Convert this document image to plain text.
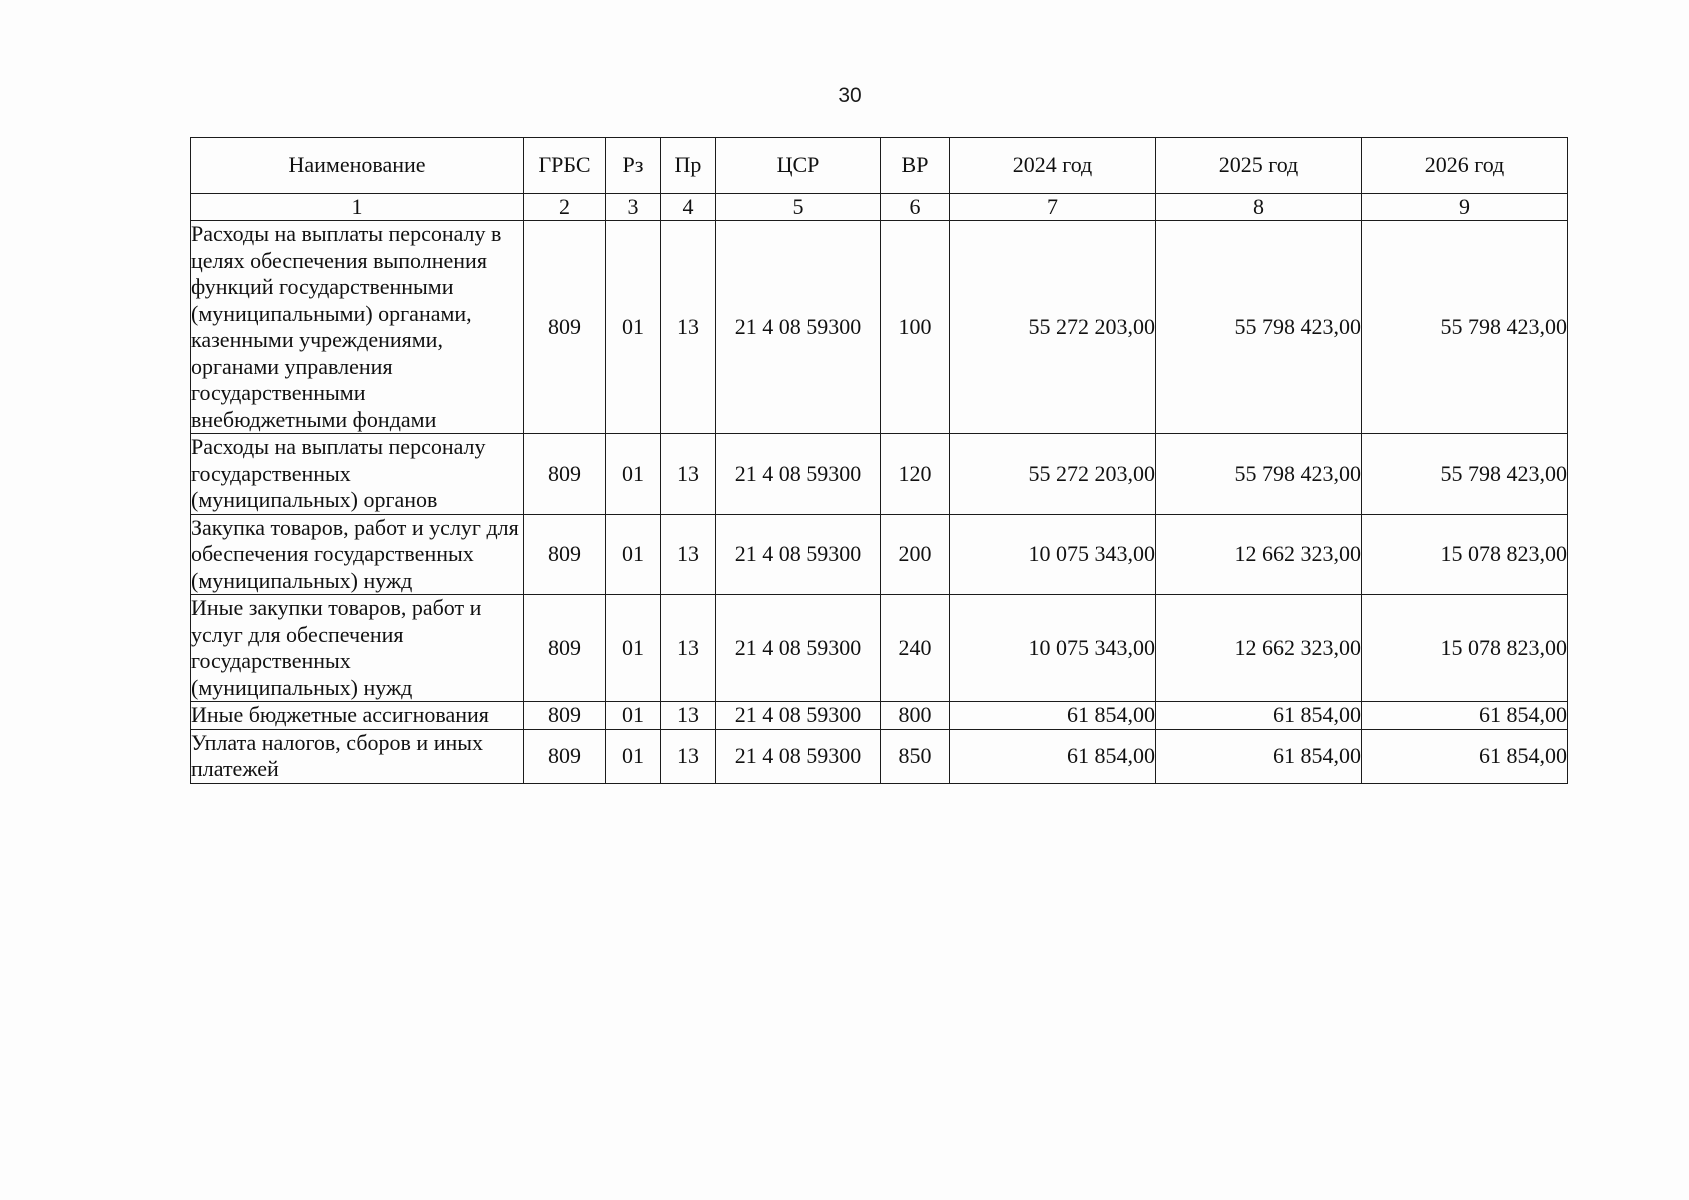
30
Наименование	ГРБС	Рз	Пр	ЦСР	ВР	2024 год	2025 год	2026 год
1	2	3	4	5	6	7	8	9
Расходы на выплаты персоналу в целях обеспечения выполнения функций государственными (муниципальными) органами, казенными учреждениями, органами управления государственными внебюджетными фондами	809	01	13	21 4 08 59300	100	55 272 203,00	55 798 423,00	55 798 423,00
Расходы на выплаты персоналу государственных (муниципальных) органов	809	01	13	21 4 08 59300	120	55 272 203,00	55 798 423,00	55 798 423,00
Закупка товаров, работ и услуг для обеспечения государственных (муниципальных) нужд	809	01	13	21 4 08 59300	200	10 075 343,00	12 662 323,00	15 078 823,00
Иные закупки товаров, работ и услуг для обеспечения государственных (муниципальных) нужд	809	01	13	21 4 08 59300	240	10 075 343,00	12 662 323,00	15 078 823,00
Иные бюджетные ассигнования	809	01	13	21 4 08 59300	800	61 854,00	61 854,00	61 854,00
Уплата налогов, сборов и иных платежей	809	01	13	21 4 08 59300	850	61 854,00	61 854,00	61 854,00
